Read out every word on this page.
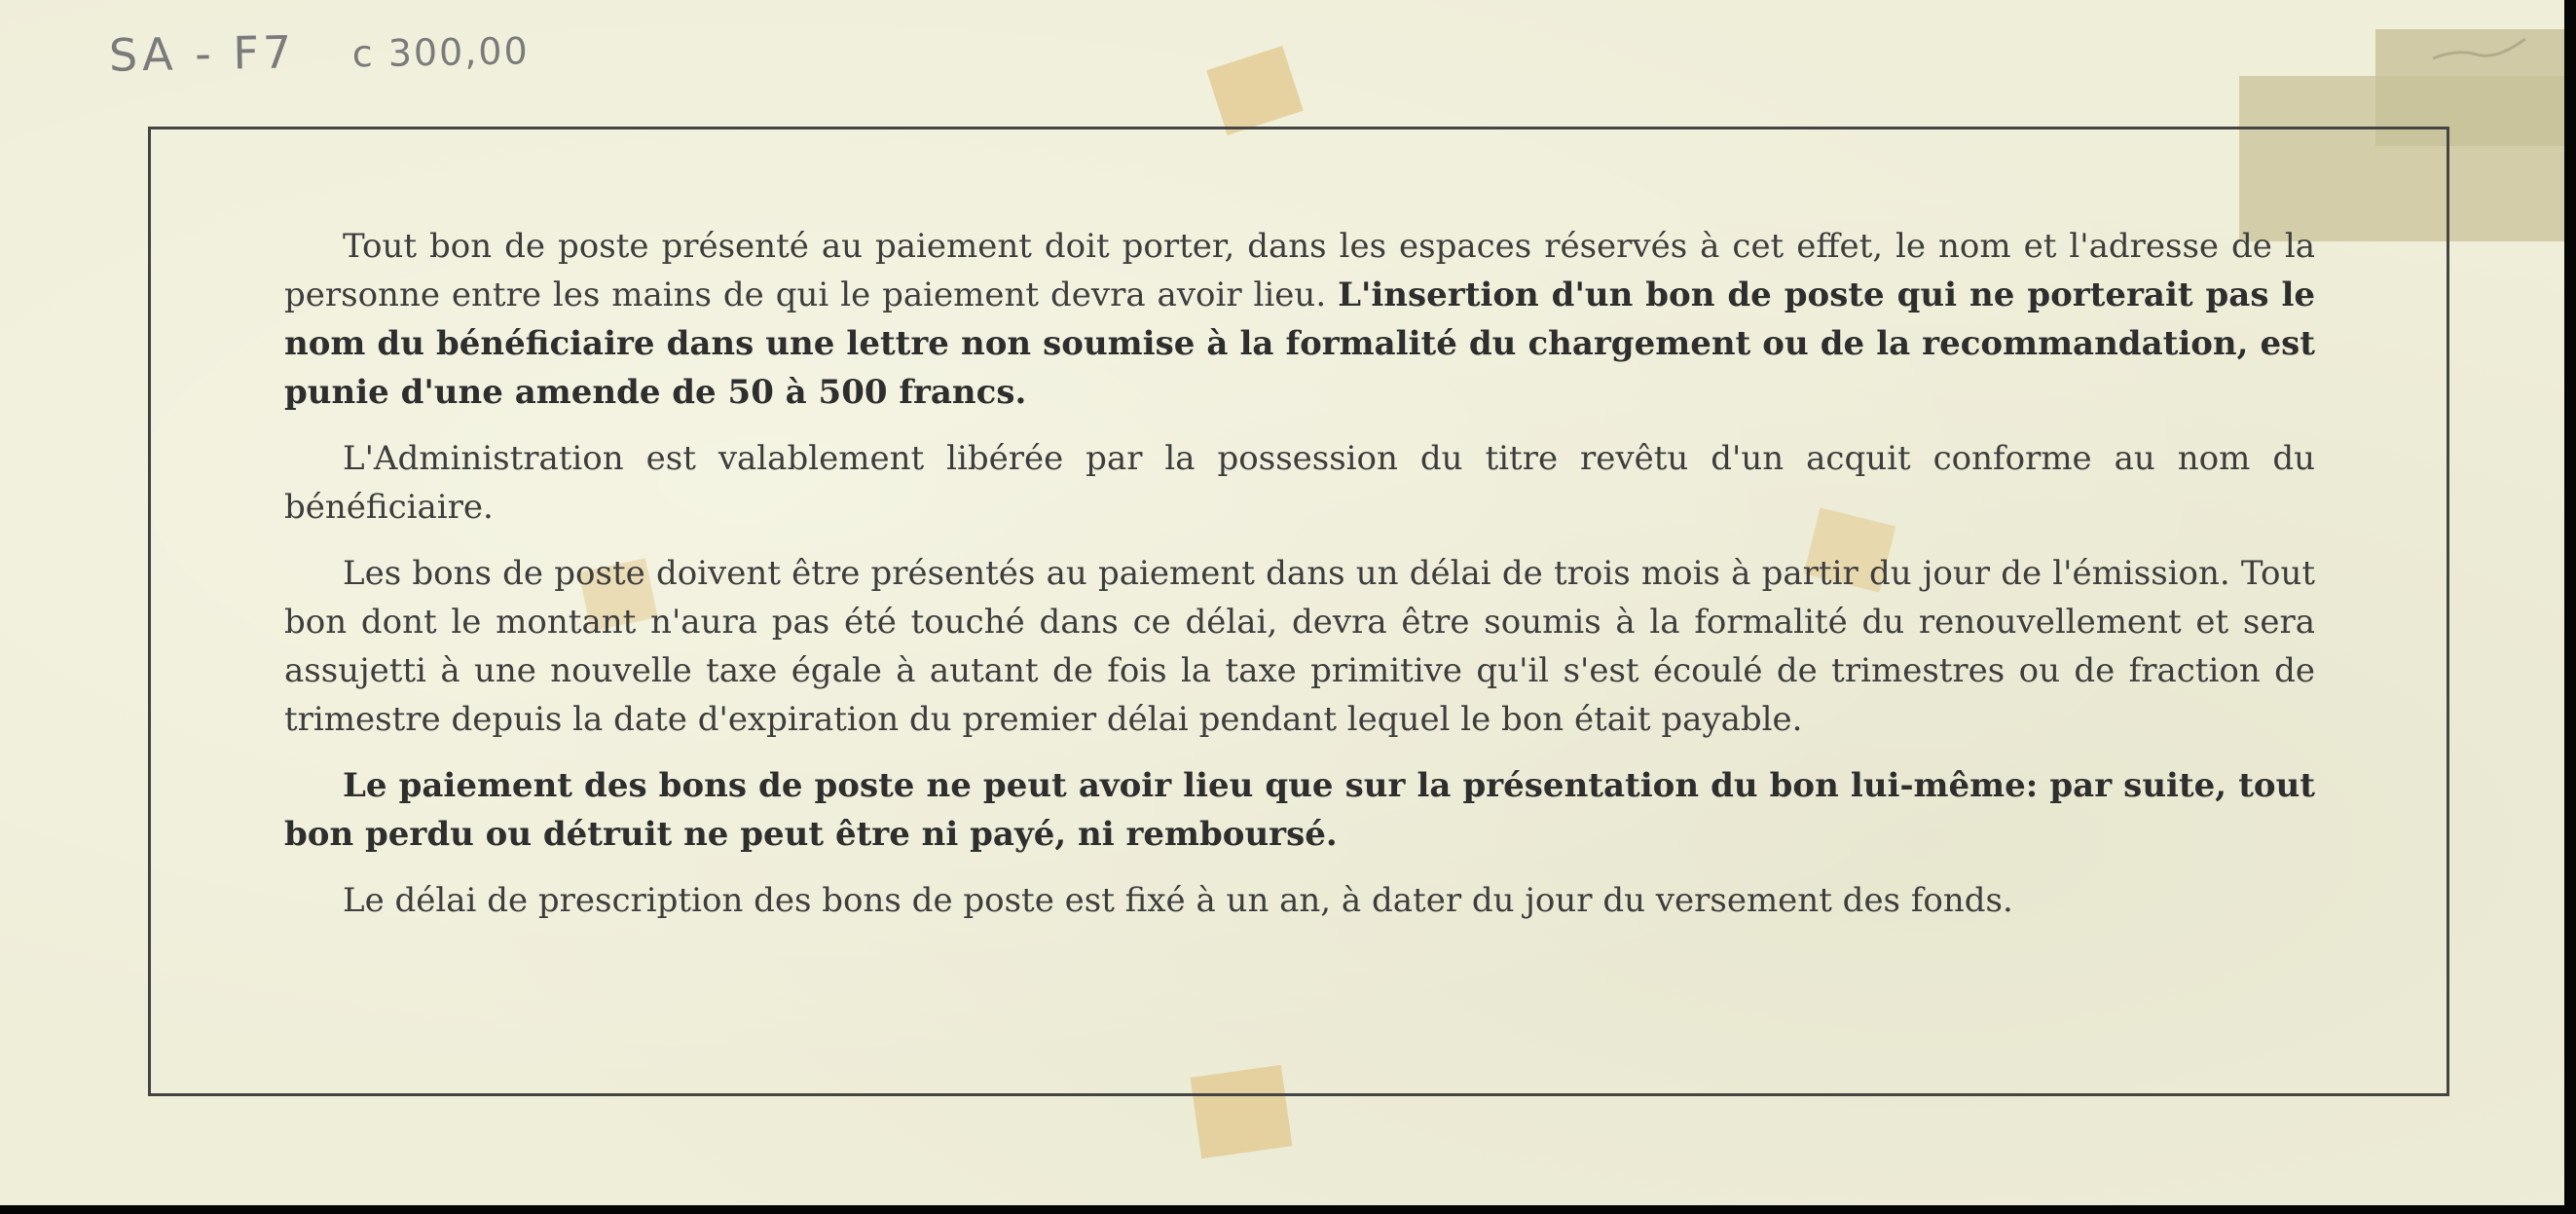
SA - F7 c 300,00

Tout bon de poste présenté au paiement doit porter, dans les espaces réservés à cet effet, le nom et l'adresse de la personne entre les mains de qui le paiement devra avoir lieu. L'insertion d'un bon de poste qui ne porterait pas le nom du bénéficiaire dans une lettre non soumise à la formalité du chargement ou de la recommandation, est punie d'une amende de 50 à 500 francs.

L'Administration est valablement libérée par la possession du titre revêtu d'un acquit conforme au nom du bénéficiaire.

Les bons de poste doivent être présentés au paiement dans un délai de trois mois à partir du jour de l'émission. Tout bon dont le montant n'aura pas été touché dans ce délai, devra être soumis à la formalité du renouvellement et sera assujetti à une nouvelle taxe égale à autant de fois la taxe primitive qu'il s'est écoulé de trimestres ou de fraction de trimestre depuis la date d'expiration du premier délai pendant lequel le bon était payable.

Le paiement des bons de poste ne peut avoir lieu que sur la présentation du bon lui-même: par suite, tout bon perdu ou détruit ne peut être ni payé, ni remboursé.

Le délai de prescription des bons de poste est fixé à un an, à dater du jour du versement des fonds.
